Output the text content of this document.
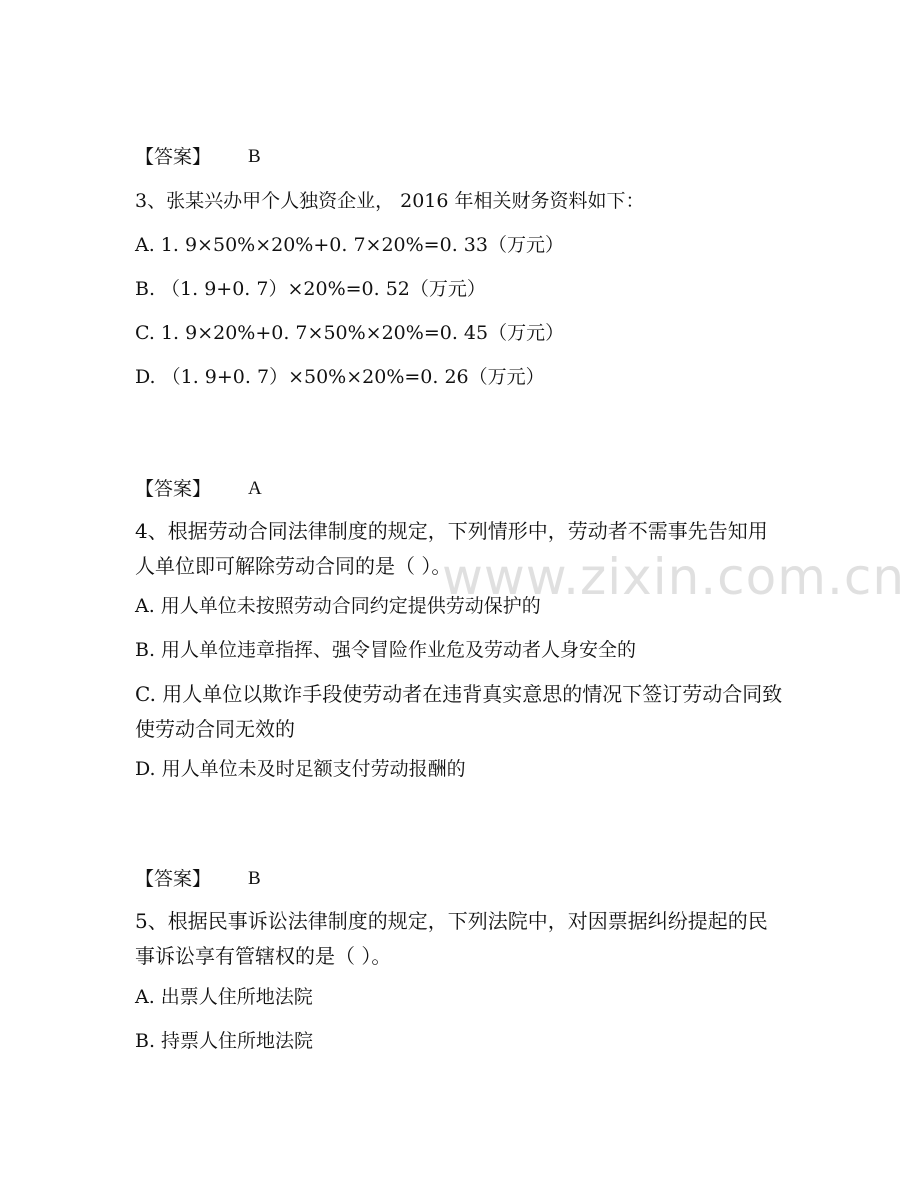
www.zixin.com.cn
【答案】 B
3、张某兴办甲个人独资企业， 2016 年相关财务资料如下：
A. 1. 9×50%×20%+0. 7×20%=0. 33（万元）
B. （1. 9+0. 7）×20%=0. 52（万元）
C. 1. 9×20%+0. 7×50%×20%=0. 45（万元）
D. （1. 9+0. 7）×50%×20%=0. 26（万元）
【答案】 A
4、根据劳动合同法律制度的规定，下列情形中，劳动者不需事先告知用人单位即可解除劳动合同的是（ ）。
A. 用人单位未按照劳动合同约定提供劳动保护的
B. 用人单位违章指挥、强令冒险作业危及劳动者人身安全的
C. 用人单位以欺诈手段使劳动者在违背真实意思的情况下签订劳动合同致使劳动合同无效的
D. 用人单位未及时足额支付劳动报酬的
【答案】 B
5、根据民事诉讼法律制度的规定，下列法院中，对因票据纠纷提起的民事诉讼享有管辖权的是（ ）。
A. 出票人住所地法院
B. 持票人住所地法院
